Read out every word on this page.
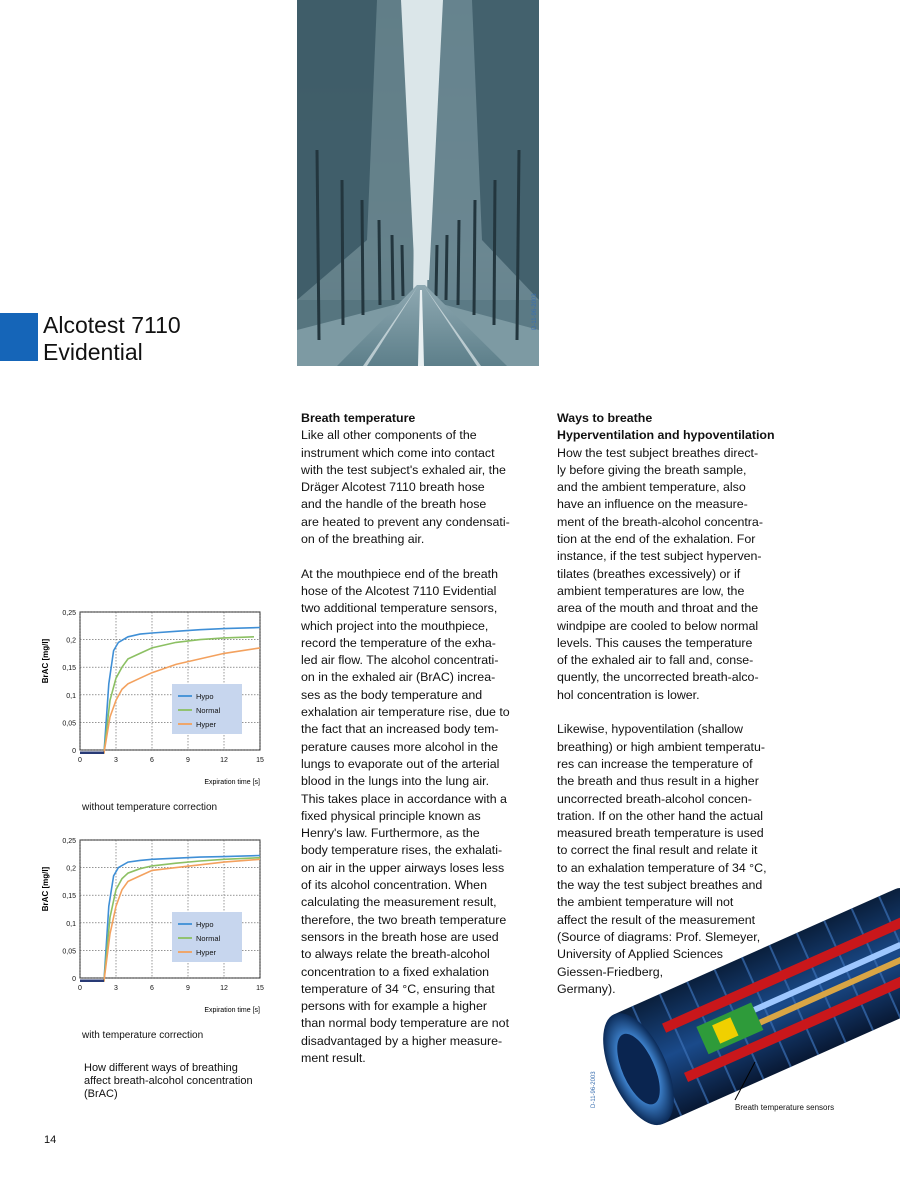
Alcotest 7110
Evidential
D-11-96-2003

Breath temperature

Like all other components of the
instrument which come into contact
with the test subject's exhaled air, the
Dräger Alcotest 7110 breath hose
and the handle of the breath hose
are heated to prevent any condensati-
on of the breathing air.
At the mouthpiece end of the breath
hose of the Alcotest 7110 Evidential
two additional temperature sensors,
which project into the mouthpiece,
record the temperature of the exha-
led air flow. The alcohol concentrati-
on in the exhaled air (BrAC) increa-
ses as the body temperature and
exhalation air temperature rise, due to
the fact that an increased body tem-
perature causes more alcohol in the
lungs to evaporate out of the arterial
blood in the lungs into the lung air.
This takes place in accordance with a
fixed physical principle known as
Henry's law. Furthermore, as the
body temperature rises, the exhalati-
on air in the upper airways loses less
of its alcohol concentration. When
calculating the measurement result,
therefore, the two breath temperature
sensors in the breath hose are used
to always relate the breath-alcohol
concentration to a fixed exhalation
temperature of 34 °C, ensuring that
persons with for example a higher
than normal body temperature are not
disadvantaged by a higher measure-
ment result.

Ways to breathe

Hyperventilation and hypoventilation

How the test subject breathes direct-
ly before giving the breath sample,
and the ambient temperature, also
have an influence on the measure-
ment of the breath-alcohol concentra-
tion at the end of the exhalation. For
instance, if the test subject hyperven-
tilates (breathes excessively) or if
ambient temperatures are low, the
area of the mouth and throat and the
windpipe are cooled to below normal
levels. This causes the temperature
of the exhaled air to fall and, conse-
quently, the uncorrected breath-alco-
hol concentration is lower.
Likewise, hypoventilation (shallow
breathing) or high ambient temperatu-
res can increase the temperature of
the breath and thus result in a higher
uncorrected breath-alcohol concen-
tration. If on the other hand the actual
measured breath temperature is used
to correct the final result and relate it
to an exhalation temperature of 34 °C,
the way the test subject breathes and
the ambient temperature will not
affect the result of the measurement
(Source of diagrams: Prof. Slemeyer,
University of Applied Sciences
Giessen-Friedberg,
Germany).
0
0,05
0,1
0,15
0,2
0,25
0	3	6	9	12	15
BrAC [mg/l]
Expiration time [s]
Hypo
Normal
Hyper
without temperature correction
0
0,05
0,1
0,15
0,2
0,25
0	3	6	9	12	15
BrAC [mg/l]
Expiration time [s]
Hypo
Normal
Hyper
with temperature correction
How different ways of breathing
affect breath-alcohol concentration
(BrAC)
14
Breath temperature sensors
D-11-96-2003
